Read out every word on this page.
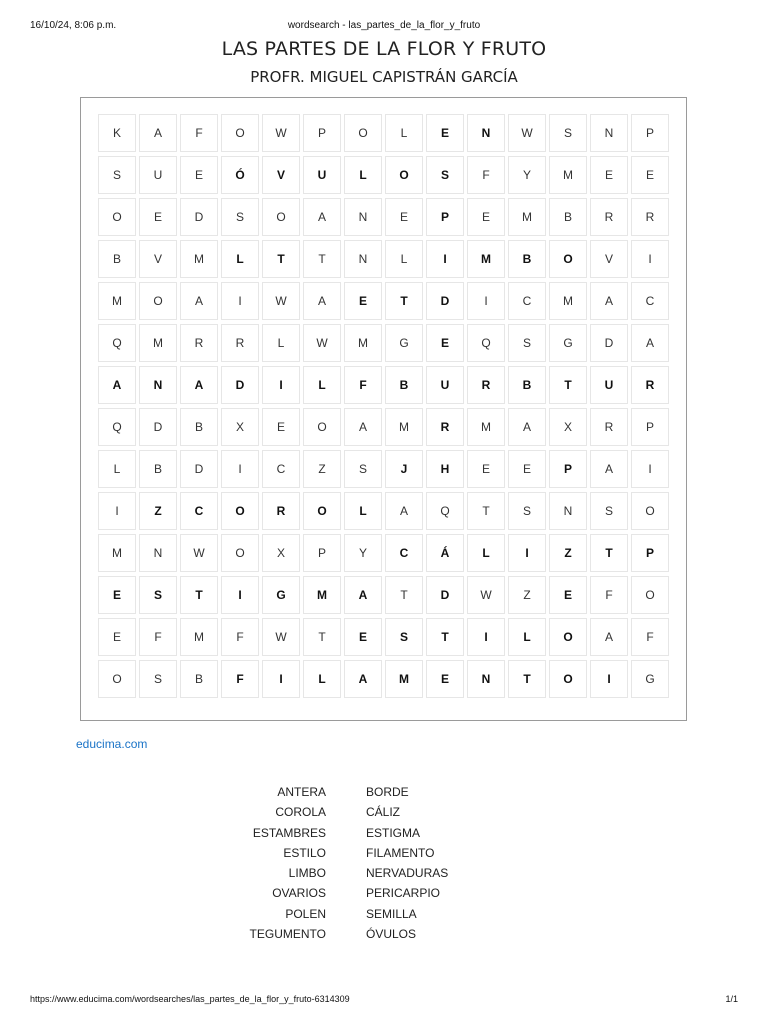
16/10/24, 8:06 p.m.	wordsearch - las_partes_de_la_flor_y_fruto
LAS PARTES DE LA FLOR Y FRUTO
PROFR. MIGUEL CAPISTRÁN GARCÍA
K	A	F	O	W	P	O	L	E	N	W	S	N	P
S	U	E	Ó	V	U	L	O	S	F	Y	M	E	E
O	E	D	S	O	A	N	E	P	E	M	B	R	R
B	V	M	L	T	T	N	L	I	M	B	O	V	I
M	O	A	I	W	A	E	T	D	I	C	M	A	C
Q	M	R	R	L	W	M	G	E	Q	S	G	D	A
A	N	A	D	I	L	F	B	U	R	B	T	U	R
Q	D	B	X	E	O	A	M	R	M	A	X	R	P
L	B	D	I	C	Z	S	J	H	E	E	P	A	I
I	Z	C	O	R	O	L	A	Q	T	S	N	S	O
M	N	W	O	X	P	Y	C	Á	L	I	Z	T	P
E	S	T	I	G	M	A	T	D	W	Z	E	F	O
E	F	M	F	W	T	E	S	T	I	L	O	A	F
O	S	B	F	I	L	A	M	E	N	T	O	I	G
educima.com
ANTERA	BORDE
COROLA	CÁLIZ
ESTAMBRES	ESTIGMA
ESTILO	FILAMENTO
LIMBO	NERVADURAS
OVARIOS	PERICARPIO
POLEN	SEMILLA
TEGUMENTO	ÓVULOS
https://www.educima.com/wordsearches/las_partes_de_la_flor_y_fruto-6314309	1/1
